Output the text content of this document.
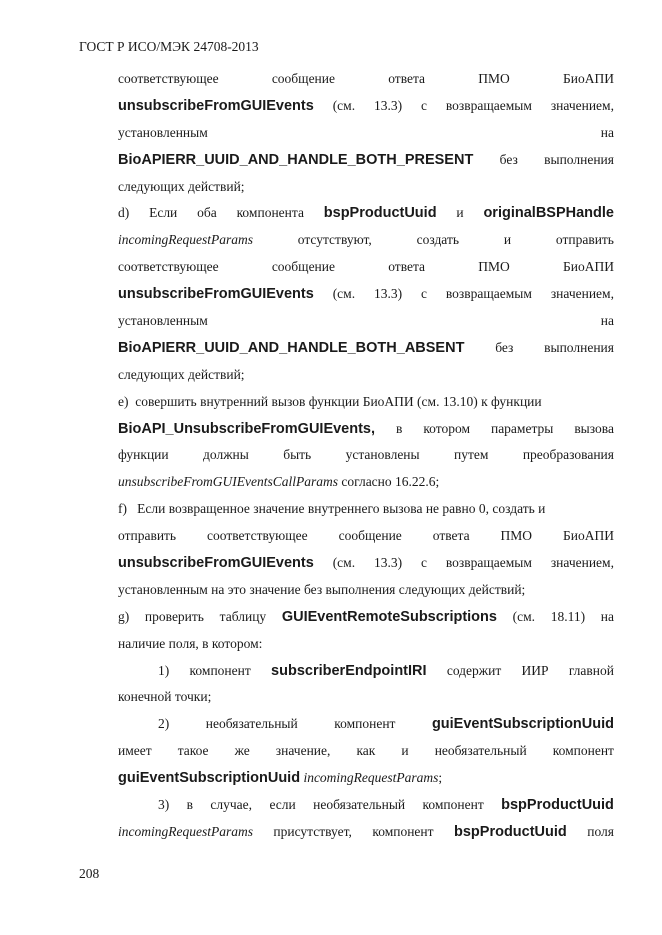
ГОСТ Р ИСО/МЭК 24708-2013
соответствующее	сообщение	ответа	ПМО	БиоАПИ
unsubscribeFromGUIEvents (см. 13.3) с возвращаемым значением,
установленным	на
BioAPIERR_UUID_AND_HANDLE_BOTH_PRESENT без выполнения
следующих действий;
d) Если оба компонента bspProductUuid и originalBSPHandle
incomingRequestParams	отсутствуют,	создать	и	отправить
соответствующее	сообщение	ответа	ПМО	БиоАПИ
unsubscribeFromGUIEvents (см. 13.3) с возвращаемым значением,
установленным	на
BioAPIERR_UUID_AND_HANDLE_BOTH_ABSENT без выполнения
следующих действий;
e)  совершить внутренний вызов функции БиоАПИ (см. 13.10) к функции
BioAPI_UnsubscribeFromGUIEvents, в котором параметры вызова
функции	должны	быть	установлены	путем	преобразования
unsubscribeFromGUIEventsCallParams согласно 16.22.6;
f)   Если возвращенное значение внутреннего вызова не равно 0, создать и
отправить соответствующее сообщение ответа ПМО БиоАПИ
unsubscribeFromGUIEvents (см. 13.3) с возвращаемым значением,
установленным на это значение без выполнения следующих действий;
g) проверить таблицу GUIEventRemoteSubscriptions (см. 18.11) на
наличие поля, в котором:
1) компонент subscriberEndpointIRI содержит ИИР главной
конечной точки;
2)	необязательный	компонент	guiEventSubscriptionUuid
имеет такое же значение, как и необязательный компонент
guiEventSubscriptionUuid incomingRequestParams;
3) в случае, если необязательный компонент bspProductUuid
incomingRequestParams присутствует, компонент bspProductUuid поля
208
